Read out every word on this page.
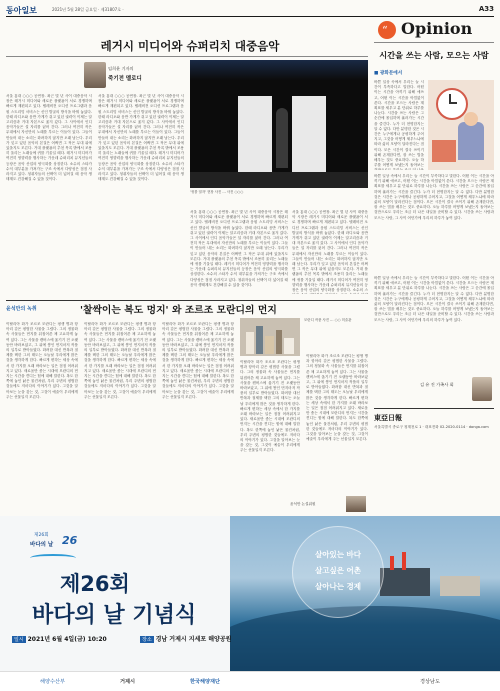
동아일보	2021년 5월 28일 금요일 · 제31807호 ·	A33
“ Opinion
레거시 미디어와 슈퍼리치 대중음악
임희윤 기자의
죽기전 멜로디
서울 홍대 ○○○ 공연장. 최근 몇 년 사이 대중음악 시장은 레거시 미디어와 새로운 플랫폼이 서로 경쟁하며 빠르게 재편되고 있다. 텔레비전 오디션 프로그램과 음원 스트리밍 서비스는 신인 발굴의 방식을 바꿔 놓았다. 한때 라디오와 음반 가게가 쥐고 있던 권력이 이제는 알고리즘과 거대 자본으로 옮겨 갔다. 그 사이에서 인디 음악가들은 설 자리를 잃어 간다. 그러나 여전히 작은 무대에서 자신만의 노래를 부르는 이들이 있다. 그들이 만들어 내는 소리는 화려하지 않지만 오래 남는다. 우리가 잊고 있던 음악의 본질은 어쩌면 그 작은 무대 위에 있을지도 모른다. 거대 플랫폼의 추천 목록 밖에서 조용히 울리는 노래들에 귀를 기울일 때다. 레거시 미디어가 여전히 영향력을 행사하는 가운데 슈퍼리치 뮤지션들의 등장은 음악 산업의 양극화를 상징한다. 소수의 스타가 수익 대부분을 가져가는 구조 속에서 다양성은 점점 사라지고 있다. 청취자들의 선택이 더 넓어질 때 음악 생태계도 건강해질 수 있을 것이다.
서울 홍대 ○○○ 공연장. 최근 몇 년 사이 대중음악 시장은 레거시 미디어와 새로운 플랫폼이 서로 경쟁하며 빠르게 재편되고 있다. 텔레비전 오디션 프로그램과 음원 스트리밍 서비스는 신인 발굴의 방식을 바꿔 놓았다. 한때 라디오와 음반 가게가 쥐고 있던 권력이 이제는 알고리즘과 거대 자본으로 옮겨 갔다. 그 사이에서 인디 음악가들은 설 자리를 잃어 간다. 그러나 여전히 작은 무대에서 자신만의 노래를 부르는 이들이 있다. 그들이 만들어 내는 소리는 화려하지 않지만 오래 남는다. 우리가 잊고 있던 음악의 본질은 어쩌면 그 작은 무대 위에 있을지도 모른다. 거대 플랫폼의 추천 목록 밖에서 조용히 울리는 노래들에 귀를 기울일 때다. 레거시 미디어가 여전히 영향력을 행사하는 가운데 슈퍼리치 뮤지션들의 등장은 음악 산업의 양극화를 상징한다. 소수의 스타가 수익 대부분을 가져가는 구조 속에서 다양성은 점점 사라지고 있다. 청취자들의 선택이 더 넓어질 때 음악 생태계도 건강해질 수 있을 것이다.
서울 홍대 ○○○ 공연장. 최근 몇 년 사이 대중음악 시장은 레거시 미디어와 새로운 플랫폼이 서로 경쟁하며 빠르게 재편되고 있다. 텔레비전 오디션 프로그램과 음원 스트리밍 서비스는 신인 발굴의 방식을 바꿔 놓았다. 한때 라디오와 음반 가게가 쥐고 있던 권력이 이제는 알고리즘과 거대 자본으로 옮겨 갔다. 그 사이에서 인디 음악가들은 설 자리를 잃어 간다. 그러나 여전히 작은 무대에서 자신만의 노래를 부르는 이들이 있다. 그들이 만들어 내는 소리는 화려하지 않지만 오래 남는다. 우리가 잊고 있던 음악의 본질은 어쩌면 그 작은 무대 위에 있을지도 모른다. 거대 플랫폼의 추천 목록 밖에서 조용히 울리는 노래들에 귀를 기울일 때다. 레거시 미디어가 여전히 영향력을 행사하는 가운데 슈퍼리치 뮤지션들의 등장은 음악 산업의 양극화를 상징한다. 소수의 스
'귀를 열자' 현장 사진 … 사진 ○○○
서울 홍대 ○○○ 공연장. 최근 몇 년 사이 대중음악 시장은 레거시 미디어와 새로운 플랫폼이 서로 경쟁하며 빠르게 재편되고 있다. 텔레비전 오디션 프로그램과 음원 스트리밍 서비스는 신인 발굴의 방식을 바꿔 놓았다. 한때 라디오와 음반 가게가 쥐고 있던 권력이 이제는 알고리즘과 거대 자본으로 옮겨 갔다. 그 사이에서 인디 음악가들은 설 자리를 잃어 간다. 그러나 여전히 작은 무대에서 자신만의 노래를 부르는 이들이 있다. 그들이 만들어 내는 소리는 화려하지 않지만 오래 남는다. 우리가 잊고 있던 음악의 본질은 어쩌면 그 작은 무대 위에 있을지도 모른다. 거대 플랫폼의 추천 목록 밖에서 조용히 울리는 노래들에 귀를 기울일 때다. 레거시 미디어가 여전히 영향력을 행사하는 가운데 슈퍼리치 뮤지션들의 등장은 음악 산업의 양극화를 상징한다. 소수의 스타가 수익 대부분을 가져가는 구조 속에서 다양성은 점점 사라지고 있다. 청취자들의 선택이 더 넓어질 때 음악 생태계도 건강해질 수 있을 것이다.
시간을 쓰는 사람, 모으는 사람
■ 광화문에서
바쁜 일상 속에서 우리는 늘 시간이 부족하다고 말한다. 어떤 이는 시간을 아끼기 위해 애쓰고, 어떤 이는 시간을 아낌없이 쓴다. 시간을 모으는 사람은 계획표를 세우고 분 단위로 하루를 나눈다. 시간을 쓰는 사람은 그 순간에 몰입하며 흘러가는 시간을 즐긴다. 누가 더 현명한지는 알 수 없다. 다만 분명한 것은 시간은 누구에게나 공평하게 주어지고, 그것을 어떻게 채우느냐에 따라 삶의 모양이 달라진다는 점이다. 모은 시간이 결국 쓰이기 위해 존재한다면, 잘 쓰는 법을 배우는 것도 중요하다. 오늘 하루를 어떻게 보냈는지 돌아보는
바쁜 일상 속에서 우리는 늘 시간이 부족하다고 말한다. 어떤 이는 시간을 아끼기 위해 애쓰고, 어떤 이는 시간을 아낌없이 쓴다. 시간을 모으는 사람은 계획표를 세우고 분 단위로 하루를 나눈다. 시간을 쓰는 사람은 그 순간에 몰입하며 흘러가는 시간을 즐긴다. 누가 더 현명한지는 알 수 없다. 다만 분명한 것은 시간은 누구에게나 공평하게 주어지고, 그것을 어떻게 채우느냐에 따라 삶의 모양이 달라진다는 점이다. 모은 시간이 결국 쓰이기 위해 존재한다면, 잘 쓰는 법을 배우는 것도 중요하다. 오늘 하루를 어떻게 보냈는지 돌아보는 것만으로도 우리는 조금 더 나은 내일을 준비할 수 있다. 시간을 쓰는 사람과 모으는 사람, 그 사이 어딘가에 우리의 하루가 놓여 있다.
바쁜 일상 속에서 우리는 늘 시간이 부족하다고 말한다. 어떤 이는 시간을 아끼기 위해 애쓰고, 어떤 이는 시간을 아낌없이 쓴다. 시간을 모으는 사람은 계획표를 세우고 분 단위로 하루를 나눈다. 시간을 쓰는 사람은 그 순간에 몰입하며 흘러가는 시간을 즐긴다. 누가 더 현명한지는 알 수 없다. 다만 분명한 것은 시간은 누구에게나 공평하게 주어지고, 그것을 어떻게 채우느냐에 따라 삶의 모양이 달라진다는 점이다. 모은 시간이 결국 쓰이기 위해 존재한다면, 잘 쓰는 법을 배우는 것도 중요하다. 오늘 하루를 어떻게 보냈는지 돌아보는 것만으로도 우리는 조금 더 나은 내일을 준비할 수 있다. 시간을 쓰는 사람과 모으는 사람, 그 사이 어딘가에 우리의 하루가 놓여 있다.
김 유 진 가족사 회
윤석만의 녹취	'찰싹이는 복도 멍지' 와 조르조 모란디의 먼지
이탈리아 화가 조르조 모란디는 평생 병과 항아리 같은 평범한 사물을 그렸다. 그의 정물화 속 사물들은 먼지를 뒤집어쓴 채 고요하게 놓여 있다. 그는 사물을 캔버스에 옮기기 전 오랫동안 바라보았고, 그 위에 쌓인 먼지마저 작품의 일부로 받아들였다. 화려함 대신 반복과 절제를 택한 그의 태도는 오늘날 우리에게 많은 것을 생각하게 한다. 빠르게 변하는 세상 속에서 한 가지를 오래 바라보는 일은 점점 어려워지고 있다. 새로움만 좇는 시대에 모란디의 먼지는 시간을 견디는 힘에 대해 말한다. 복도 한쪽에 놓인 낡은 물건처럼, 우리 주변의 평범한 것들에도 저마다의 이야기가 있다. 그것을 알아보는 눈을 갖는 것, 그것이 예술이 우리에게 주는 선물일지 모른다.
이탈리아 화가 조르조 모란디는 평생 병과 항아리 같은 평범한 사물을 그렸다. 그의 정물화 속 사물들은 먼지를 뒤집어쓴 채 고요하게 놓여 있다. 그는 사물을 캔버스에 옮기기 전 오랫동안 바라보았고, 그 위에 쌓인 먼지마저 작품의 일부로 받아들였다. 화려함 대신 반복과 절제를 택한 그의 태도는 오늘날 우리에게 많은 것을 생각하게 한다. 빠르게 변하는 세상 속에서 한 가지를 오래 바라보는 일은 점점 어려워지고 있다. 새로움만 좇는 시대에 모란디의 먼지는 시간을 견디는 힘에 대해 말한다. 복도 한쪽에 놓인 낡은 물건처럼, 우리 주변의 평범한 것들에도 저마다의 이야기가 있다. 그것을 알아보는 눈을 갖는 것, 그것이 예술이 우리에게 주는 선물일지 모른다.
이탈리아 화가 조르조 모란디는 평생 병과 항아리 같은 평범한 사물을 그렸다. 그의 정물화 속 사물들은 먼지를 뒤집어쓴 채 고요하게 놓여 있다. 그는 사물을 캔버스에 옮기기 전 오랫동안 바라보았고, 그 위에 쌓인 먼지마저 작품의 일부로 받아들였다. 화려함 대신 반복과 절제를 택한 그의 태도는 오늘날 우리에게 많은 것을 생각하게 한다. 빠르게 변하는 세상 속에서 한 가지를 오래 바라보는 일은 점점 어려워지고 있다. 새로움만 좇는 시대에 모란디의 먼지는 시간을 견디는 힘에 대해 말한다. 복도 한쪽에 놓인 낡은 물건처럼, 우리 주변의 평범한 것들에도 저마다의 이야기가 있다. 그것을 알아보는 눈을 갖는 것, 그것이 예술이 우리에게 주는 선물일지 모른다.
모란디 작품 사진 … ○○ 미술관
이탈리아 화가 조르조 모란디는 평생 병과 항아리 같은 평범한 사물을 그렸다. 그의 정물화 속 사물들은 먼지를 뒤집어쓴 채 고요하게 놓여 있다. 그는 사물을 캔버스에 옮기기 전 오랫동안 바라보았고, 그 위에 쌓인 먼지마저 작품의 일부로 받아들였다. 화려함 대신 반복과 절제를 택한 그의 태도는 오늘날 우리에게 많은 것을 생각하게 한다. 빠르게 변하는 세상 속에서 한 가지를 오래 바라보는 일은 점점 어려워지고 있다. 새로움만 좇는 시대에 모란디의 먼지는 시간을 견디는 힘에 대해 말한다. 복도 한쪽에 놓인 낡은 물건처럼, 우리 주변의 평범한 것들에도 저마다의 이야기가 있다. 그것을 알아보는 눈을 갖는 것, 그것이 예술이 우리에게 주는 선물일지 모른다.
이탈리아 화가 조르조 모란디는 평생 병과 항아리 같은 평범한 사물을 그렸다. 그의 정물화 속 사물들은 먼지를 뒤집어쓴 채 고요하게 놓여 있다. 그는 사물을 캔버스에 옮기기 전 오랫동안 바라보았고, 그 위에 쌓인 먼지마저 작품의 일부로 받아들였다. 화려함 대신 반복과 절제를 택한 그의 태도는 오늘날 우리에게 많은 것을 생각하게 한다. 빠르게 변하는 세상 속에서 한 가지를 오래 바라보는 일은 점점 어려워지고 있다. 새로움만 좇는 시대에 모란디의 먼지는 시간을 견디는 힘에 대해 말한다. 복도 한쪽에 놓인 낡은 물건처럼, 우리 주변의 평범한 것들에도 저마다의 이야기가 있다. 그것을 알아보는 눈을 갖는 것, 그것이 예술이 우리에게 주는 선물일지 모른다.
윤석만 논설위원
東亞日報
서울특별시 종로구 청계천로 1 · 대표전화 02-2020-0114 · donga.com
살아있는 바다
살고싶은 어촌
살아나는 경제
제26회
바다의 날 26
제26회
바다의 날 기념식
일시 2021년 6월 4일(금) 10:20	장소 경남 거제시 지세포 해양공원
해양수산부	거제시	한국해양재단	경상남도
